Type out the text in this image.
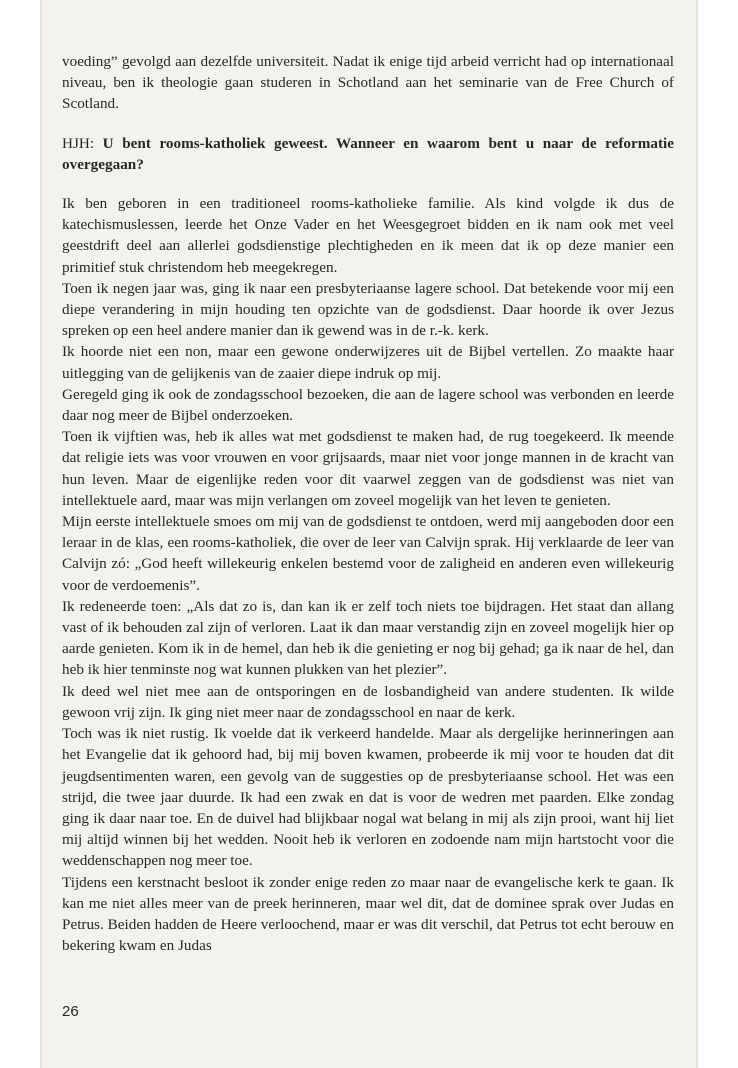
voeding” gevolgd aan dezelfde universiteit. Nadat ik enige tijd arbeid verricht had op internationaal niveau, ben ik theologie gaan studeren in Schotland aan het seminarie van de Free Church of Scotland.

HJH: U bent rooms-katholiek geweest. Wanneer en waarom bent u naar de reformatie overgegaan?

Ik ben geboren in een traditioneel rooms-katholieke familie. Als kind volgde ik dus de katechismuslessen, leerde het Onze Vader en het Weesgegroet bidden en ik nam ook met veel geestdrift deel aan allerlei godsdienstige plechtigheden en ik meen dat ik op deze manier een primitief stuk christendom heb meegekregen.

Toen ik negen jaar was, ging ik naar een presbyteriaanse lagere school. Dat betekende voor mij een diepe verandering in mijn houding ten opzichte van de godsdienst. Daar hoorde ik over Jezus spreken op een heel andere manier dan ik gewend was in de r.-k. kerk.

Ik hoorde niet een non, maar een gewone onderwijzeres uit de Bijbel vertellen. Zo maakte haar uitlegging van de gelijkenis van de zaaier diepe indruk op mij.

Geregeld ging ik ook de zondagsschool bezoeken, die aan de lagere school was verbonden en leerde daar nog meer de Bijbel onderzoeken.

Toen ik vijftien was, heb ik alles wat met godsdienst te maken had, de rug toegekeerd. Ik meende dat religie iets was voor vrouwen en voor grijsaards, maar niet voor jonge mannen in de kracht van hun leven. Maar de eigenlijke reden voor dit vaarwel zeggen van de godsdienst was niet van intellektuele aard, maar was mijn verlangen om zoveel mogelijk van het leven te genieten.

Mijn eerste intellektuele smoes om mij van de godsdienst te ontdoen, werd mij aangeboden door een leraar in de klas, een rooms-katholiek, die over de leer van Calvijn sprak. Hij verklaarde de leer van Calvijn zó: „God heeft willekeurig enkelen bestemd voor de zaligheid en anderen even willekeurig voor de verdoemenis”.

Ik redeneerde toen: „Als dat zo is, dan kan ik er zelf toch niets toe bijdragen. Het staat dan allang vast of ik behouden zal zijn of verloren. Laat ik dan maar verstandig zijn en zoveel mogelijk hier op aarde genieten. Kom ik in de hemel, dan heb ik die genieting er nog bij gehad; ga ik naar de hel, dan heb ik hier tenminste nog wat kunnen plukken van het plezier”.

Ik deed wel niet mee aan de ontsporingen en de losbandigheid van andere studenten. Ik wilde gewoon vrij zijn. Ik ging niet meer naar de zondagsschool en naar de kerk.

Toch was ik niet rustig. Ik voelde dat ik verkeerd handelde. Maar als dergelijke herinneringen aan het Evangelie dat ik gehoord had, bij mij boven kwamen, probeerde ik mij voor te houden dat dit jeugdsentimenten waren, een gevolg van de suggesties op de presbyteriaanse school. Het was een strijd, die twee jaar duurde. Ik had een zwak en dat is voor de wedren met paarden. Elke zondag ging ik daar naar toe. En de duivel had blijkbaar nogal wat belang in mij als zijn prooi, want hij liet mij altijd winnen bij het wedden. Nooit heb ik verloren en zodoende nam mijn hartstocht voor die weddenschappen nog meer toe.

Tijdens een kerstnacht besloot ik zonder enige reden zo maar naar de evangelische kerk te gaan. Ik kan me niet alles meer van de preek herinneren, maar wel dit, dat de dominee sprak over Judas en Petrus. Beiden hadden de Heere verloochend, maar er was dit verschil, dat Petrus tot echt berouw en bekering kwam en Judas

26
